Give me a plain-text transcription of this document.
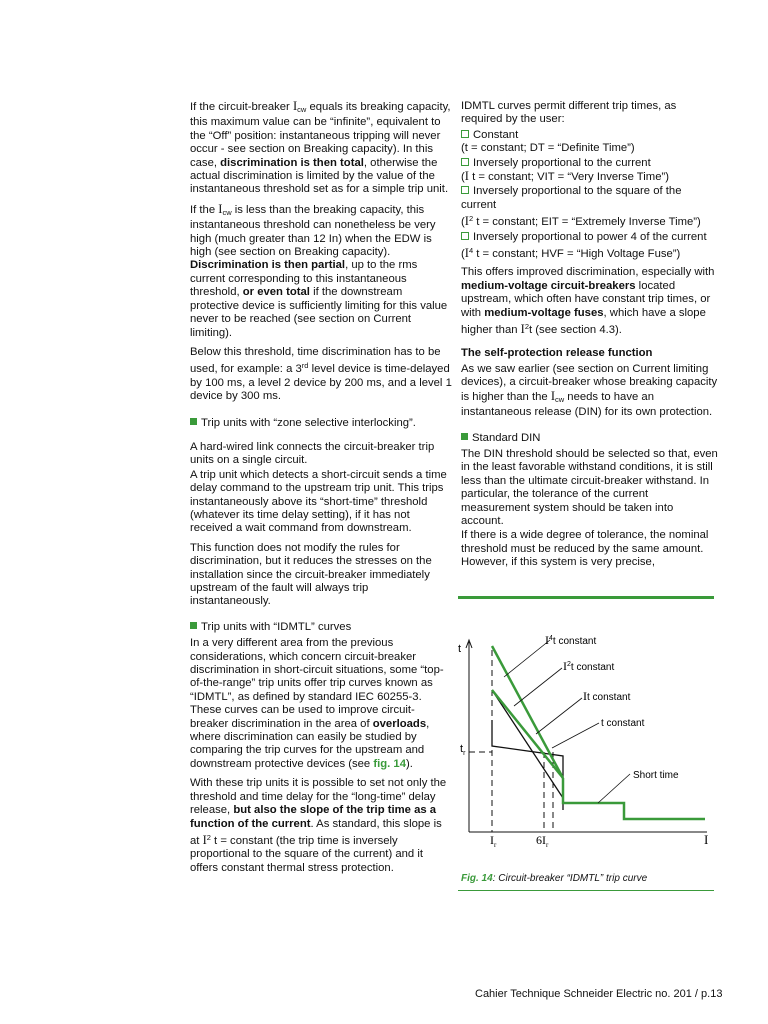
If the circuit-breaker $I_{cw}$ equals its breaking capacity, this maximum value can be “infinite”, equivalent to the “Off” position: instantaneous tripping will never occur - see section on Breaking capacity). In this case, discrimination is then total, otherwise the actual discrimination is limited by the value of the instantaneous threshold set as for a simple trip unit.

If the $I_{cw}$ is less than the breaking capacity, this instantaneous threshold can nonetheless be very high (much greater than 12 In) when the EDW is high (see section on Breaking capacity). Discrimination is then partial, up to the rms current corresponding to this instantaneous threshold, or even total if the downstream protective device is sufficiently limiting for this value never to be reached (see section on Current limiting).

Below this threshold, time discrimination has to be used, for example: a 3rd level device is time-delayed by 100 ms, a level 2 device by 200 ms, and a level 1 device by 300 ms.

Trip units with “zone selective interlocking”.

A hard-wired link connects the circuit-breaker trip units on a single circuit.

A trip unit which detects a short-circuit sends a time delay command to the upstream trip unit. This trips instantaneously above its “short-time” threshold (whatever its time delay setting), if it has not received a wait command from downstream.

This function does not modify the rules for discrimination, but it reduces the stresses on the installation since the circuit-breaker immediately upstream of the fault will always trip instantaneously.

Trip units with “IDMTL” curves

In a very different area from the previous considerations, which concern circuit-breaker discrimination in short-circuit situations, some “top-of-the-range” trip units offer trip curves known as “IDMTL”, as defined by standard IEC 60255-3. These curves can be used to improve circuit-breaker discrimination in the area of overloads, where discrimination can easily be studied by comparing the trip curves for the upstream and downstream protective devices (see fig. 14).

With these trip units it is possible to set not only the threshold and time delay for the “long-time” delay release, but also the slope of the trip time as a function of the current. As standard, this slope is at $I^2$ t = constant (the trip time is inversely proportional to the square of the current) and it offers constant thermal stress protection.

IDMTL curves permit different trip times, as required by the user:

Constant
(t = constant; DT = “Definite Time”)

Inversely proportional to the current
(I t = constant; VIT = “Very Inverse Time”)

Inversely proportional to the square of the current
($I^2$ t = constant; EIT = “Extremely Inverse Time”)

Inversely proportional to power 4 of the current
($I^4$ t = constant; HVF = “High Voltage Fuse”)

This offers improved discrimination, especially with medium-voltage circuit-breakers located upstream, which often have constant trip times, or with medium-voltage fuses, which have a slope higher than $I^2t$ (see section 4.3).

The self-protection release function

As we saw earlier (see section on Current limiting devices), a circuit-breaker whose breaking capacity is higher than the $I_{cw}$ needs to have an instantaneous release (DIN) for its own protection.

Standard DIN

The DIN threshold should be selected so that, even in the least favorable withstand conditions, it is still less than the ultimate circuit-breaker withstand. In particular, the tolerance of the current measurement system should be taken into account.

If there is a wide degree of tolerance, the nominal threshold must be reduced by the same amount. However, if this system is very precise,

t
I
$t_r$
$I_r$	$6I_r$
$I^4t$ constant
$I^2t$ constant
It constant
t constant
Short time
Fig. 14: Circuit-breaker “IDMTL” trip curve
Cahier Technique Schneider Electric no. 201 / p.13
